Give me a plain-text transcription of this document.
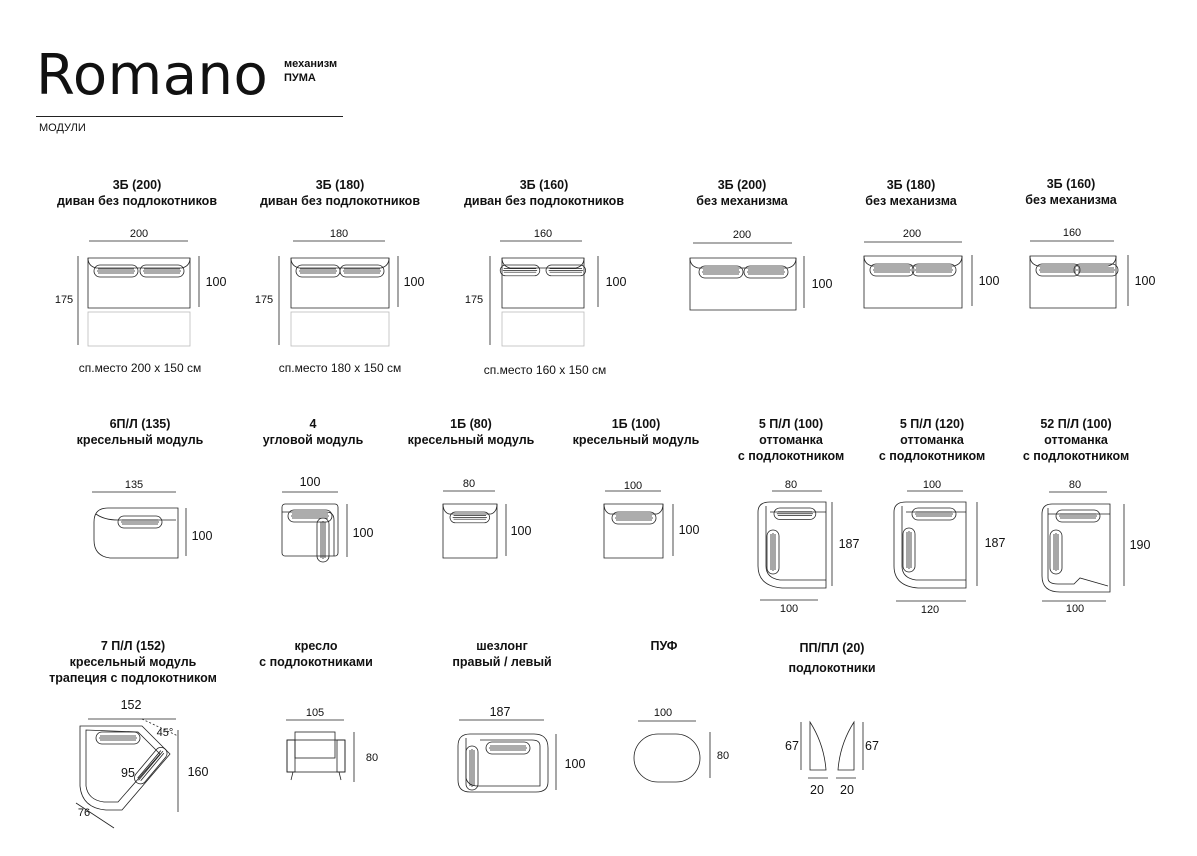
Romano механизм
ПУМА
МОДУЛИ
3Б (200)
диван без подлокотников
3Б (180)
диван без подлокотников
3Б (160)
диван без подлокотников
3Б (200)
без механизма
3Б (180)
без механизма
3Б (160)
без механизма
6П/Л (135)
кресельный модуль
4
угловой модуль
1Б (80)
кресельный модуль
1Б (100)
кресельный модуль
5 П/Л (100)
оттоманка
с подлокотником
5 П/Л (120)
оттоманка
с подлокотником
52 П/Л (100)
оттоманка
с подлокотником
7 П/Л (152)
кресельный модуль
трапеция с подлокотником
кресло
с подлокотниками
шезлонг
правый / левый
ПУФ	ПП/ПЛ (20)
подлокотники
200
175
100
сп.место 200 х 150 см
180
175
100
сп.место 180 х 150 см
160
175
100
сп.место 160 х 150 см
200
100
200
100
160
100
135
100
100
100
80
100
100
100
80
187
100
100
187
120
80
190
100
152
45°
95	160
76
105
80
187
100
100
80
67	67
20 20
